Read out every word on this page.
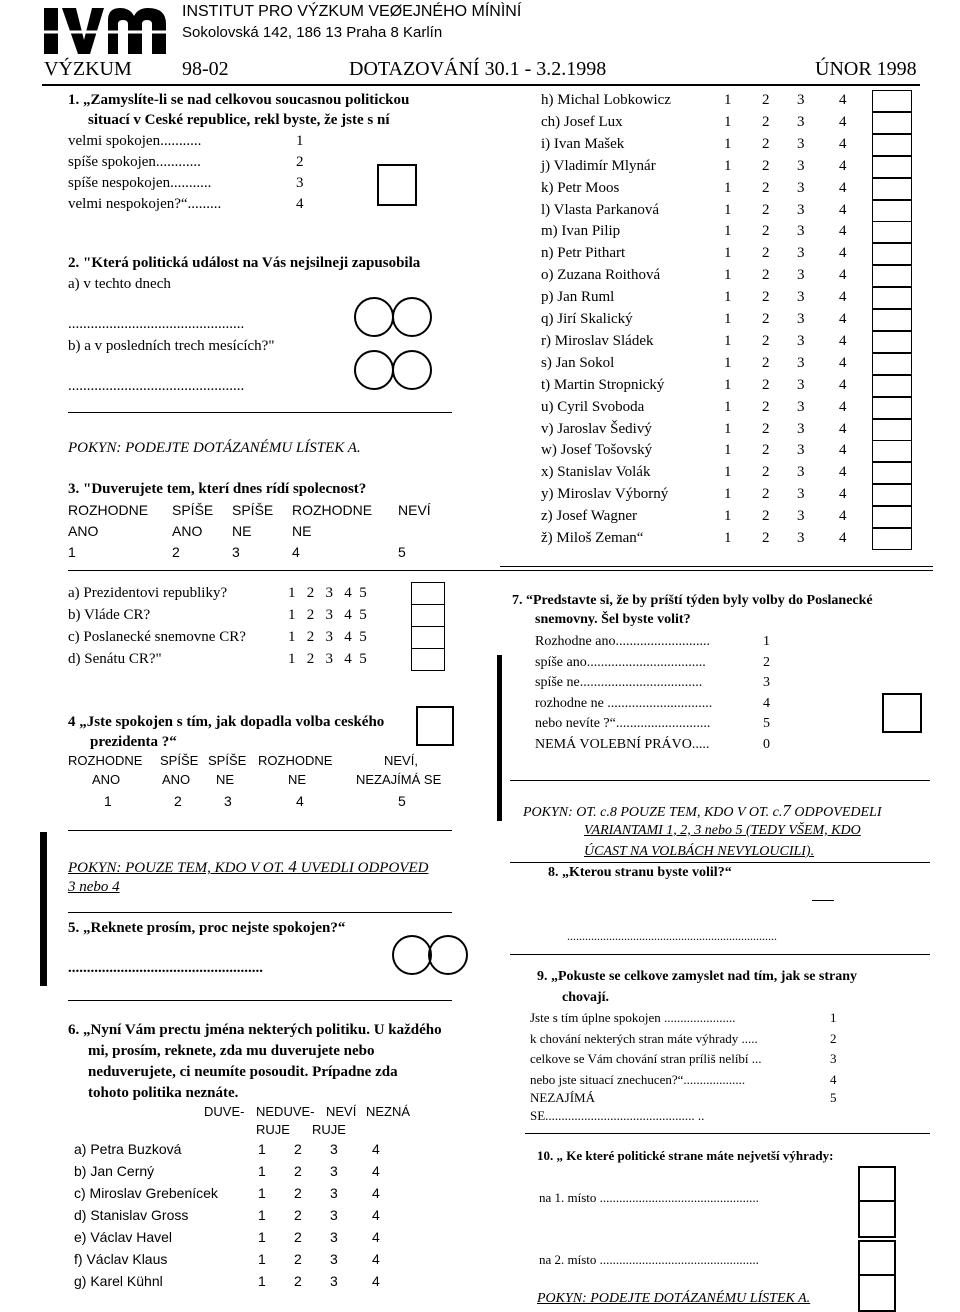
INSTITUT PRO VÝZKUM VEØEJNÉHO MÍNÌNÍ
Sokolovská 142, 186 13 Praha 8 Karlín
VÝZKUM	98-02	DOTAZOVÁNÍ 30.1 - 3.2.1998	ÚNOR 1998
1. „Zamyslíte-li se nad celkovou soucasnou politickou
situací v Ceské republice, rekl byste, že jste s ní
velmi spokojen...........	1
spíše spokojen............	2
spíše nespokojen...........	3
velmi nespokojen?“.........	4
2. "Která politická událost na Vás nejsilneji zapusobila
a) v techto dnech
...............................................
b) a v posledních trech mesících?"
...............................................
POKYN: PODEJTE DOTÁZANÉMU LÍSTEK A.
3. "Duverujete tem, kterí dnes rídí spolecnost?
ROZHODNE SPÍŠE SPÍŠE ROZHODNE NEVÍ
ANO	ANO NE	NE
1	2	3	4	5
a) Prezidentovi republiky?	1   2   3   4  5
b) Vláde CR?	1   2   3   4  5
c) Poslanecké snemovne CR?	1   2   3   4  5
d) Senátu CR?"	1   2   3   4  5
4 „Jste spokojen s tím, jak dopadla volba ceského
prezidenta ?“
ROZHODNE SPÍŠE SPÍŠE ROZHODNE	NEVÍ,
ANO	ANO NE	NE	NEZAJÍMÁ SE
1	2	3	4	5
POKYN: POUZE TEM, KDO V OT. 4 UVEDLI ODPOVED
3 nebo 4
5. „Reknete prosím, proc nejste spokojen?“
....................................................
6. „Nyní Vám prectu jména nekterých politiku. U každého
mi, prosím, reknete, zda mu duverujete nebo
neduverujete, ci neumíte posoudit. Prípadne zda
tohoto politika neznáte.
DUVE- NEDUVE- NEVÍ NEZNÁ
RUJE RUJE
a) Petra Buzková	1 2 3 4
b) Jan Cerný	1 2 3 4
c) Miroslav Grebenícek	1 2 3 4
d) Stanislav Gross	1 2 3 4
e) Václav Havel	1 2 3 4
f) Václav Klaus	1 2 3 4
g) Karel Kühnl	1 2 3 4
h) Michal Lobkowicz	1 2 3 4
ch) Josef Lux	1 2 3 4
i) Ivan Mašek	1 2 3 4
j) Vladimír Mlynár	1 2 3 4
k) Petr Moos	1 2 3 4
l) Vlasta Parkanová	1 2 3 4
m) Ivan Pilip	1 2 3 4
n) Petr Pithart	1 2 3 4
o) Zuzana Roithová	1 2 3 4
p) Jan Ruml	1 2 3 4
q) Jirí Skalický	1 2 3 4
r) Miroslav Sládek	1 2 3 4
s) Jan Sokol	1 2 3 4
t) Martin Stropnický	1 2 3 4
u) Cyril Svoboda	1 2 3 4
v) Jaroslav Šedivý	1 2 3 4
w) Josef Tošovský	1 2 3 4
x) Stanislav Volák	1 2 3 4
y) Miroslav Výborný	1 2 3 4
z) Josef Wagner	1 2 3 4
ž) Miloš Zeman“	1 2 3 4
7. “Predstavte si, že by príští týden byly volby do Poslanecké
snemovny. Šel byste volit?
Rozhodne ano...........................	1
spíše ano..................................	2
spíše ne...................................	3
rozhodne ne ..............................	4
nebo nevíte ?“...........................	5
NEMÁ VOLEBNÍ PRÁVO.....	0
POKYN: OT. c.8 POUZE TEM, KDO V OT. c.7 ODPOVEDELI
VARIANTAMI 1, 2, 3 nebo 5 (TEDY VŠEM, KDO
ÚCAST NA VOLBÁCH NEVYLOUCILI).
8. „Kterou stranu byste volil?“
......................................................................
9. „Pokuste se celkove zamyslet nad tím, jak se strany
chovají.
Jste s tím úplne spokojen ......................	1
k chování nekterých stran máte výhrady .....	2
celkove se Vám chování stran príliš nelíbí ...	3
nebo jste situací znechucen?“...................	4
NEZAJÍMÁ	5
SE.............................................. ..
10. „ Ke které politické strane máte nejvetší výhrady:
na 1. místo .................................................
na 2. místo .................................................
POKYN: PODEJTE DOTÁZANÉMU LÍSTEK A.
